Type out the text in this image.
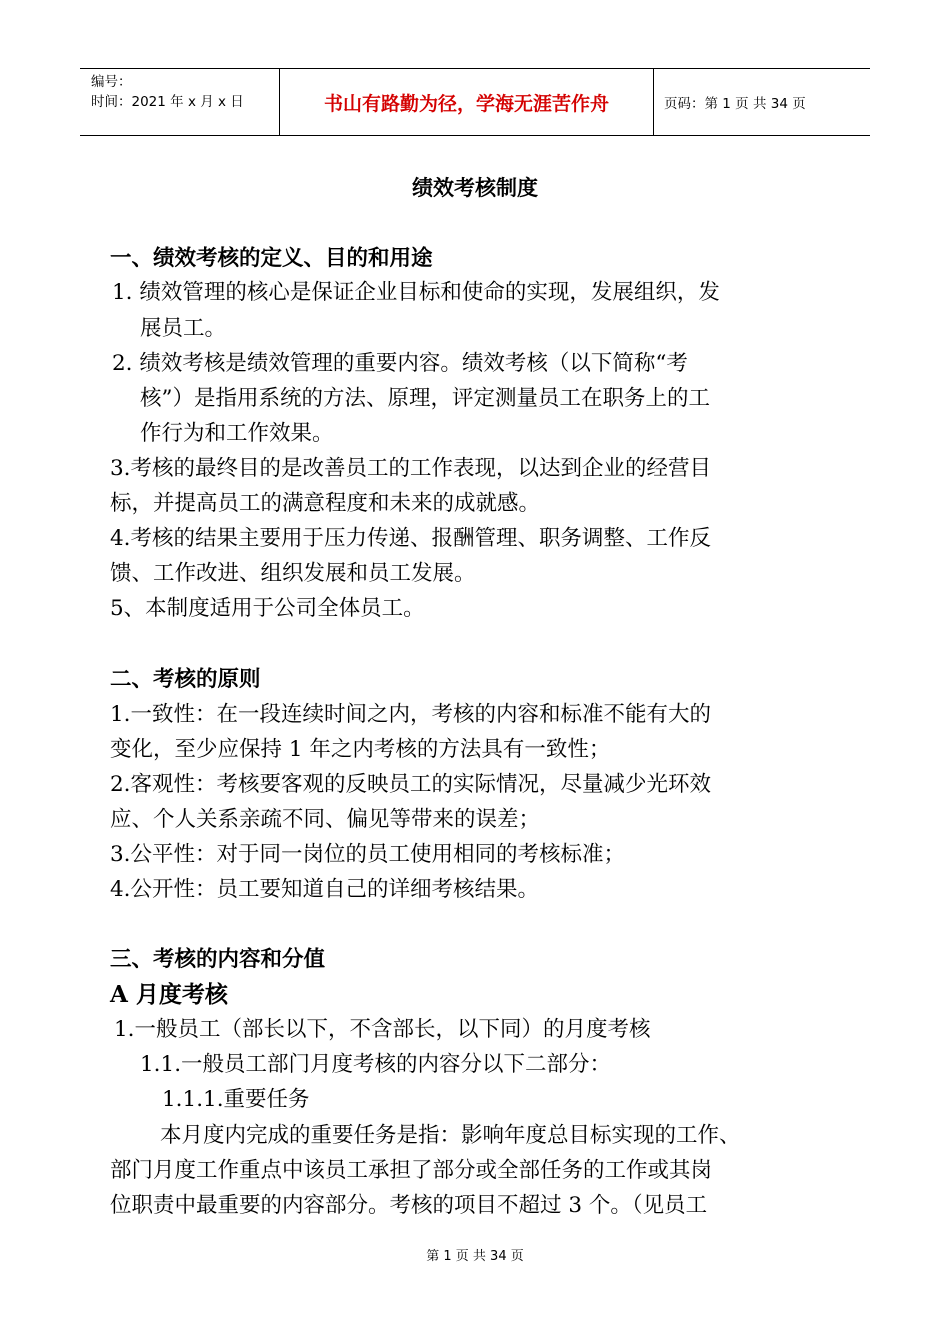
编号：
时间：2021 年 x 月 x 日	书山有路勤为径，学海无涯苦作舟	页码：第 1 页 共 34 页
绩效考核制度
一、绩效考核的定义、目的和用途
1. 绩效管理的核心是保证企业目标和使命的实现，发展组织，发
展员工。
2. 绩效考核是绩效管理的重要内容。绩效考核（以下简称“考
核”）是指用系统的方法、原理，评定测量员工在职务上的工
作行为和工作效果。
3.考核的最终目的是改善员工的工作表现，以达到企业的经营目
标，并提高员工的满意程度和未来的成就感。
4.考核的结果主要用于压力传递、报酬管理、职务调整、工作反
馈、工作改进、组织发展和员工发展。
5、本制度适用于公司全体员工。
二、考核的原则
1.一致性：在一段连续时间之内，考核的内容和标准不能有大的
变化，至少应保持 1 年之内考核的方法具有一致性；
2.客观性：考核要客观的反映员工的实际情况，尽量减少光环效
应、个人关系亲疏不同、偏见等带来的误差；
3.公平性：对于同一岗位的员工使用相同的考核标准；
4.公开性：员工要知道自己的详细考核结果。
三、考核的内容和分值
A 月度考核
1.一般员工（部长以下，不含部长，以下同）的月度考核
1.1.一般员工部门月度考核的内容分以下二部分：
1.1.1.重要任务
本月度内完成的重要任务是指：影响年度总目标实现的工作、
部门月度工作重点中该员工承担了部分或全部任务的工作或其岗
位职责中最重要的内容部分。考核的项目不超过 3 个。（见员工
第 1 页 共 34 页
